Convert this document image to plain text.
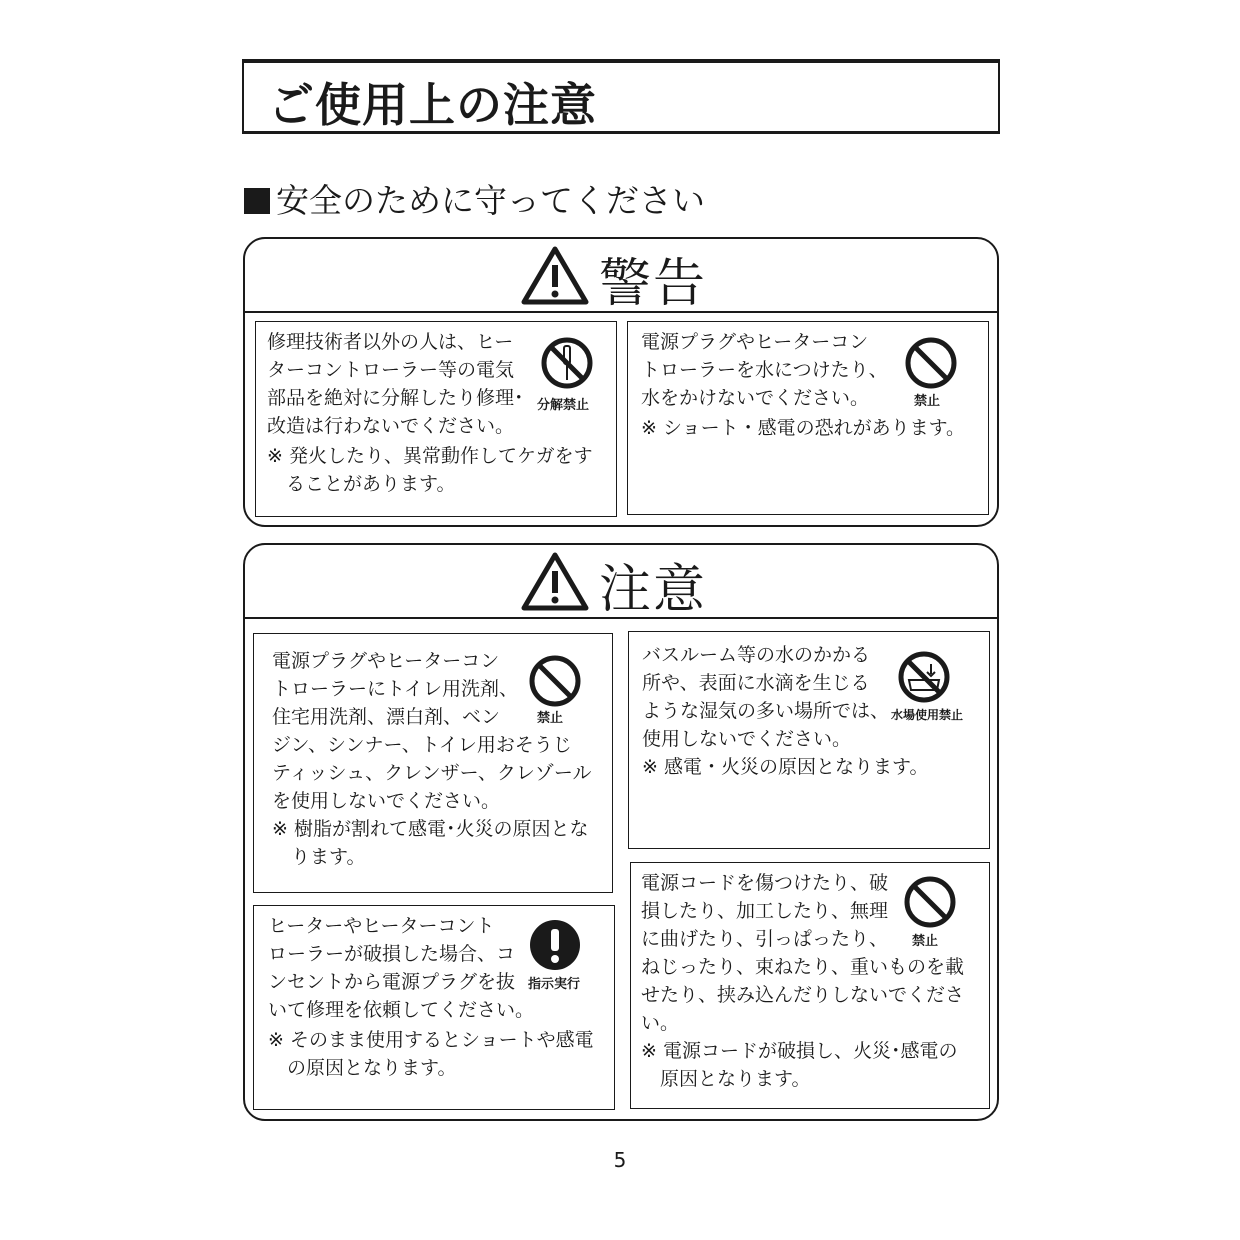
ご使用上の注意
安全のために守ってください
警告
修理技術者以外の人は、ヒー
ターコントローラー等の電気
部品を絶対に分解したり修理･
改造は行わないでください。
※ 発火したり、異常動作してケガをす
　ることがあります。
分解禁止
電源プラグやヒーターコン
トローラーを水につけたり、
水をかけないでください。
※ ショート・感電の恐れがあります。
禁止
注意
電源プラグやヒーターコン
トローラーにトイレ用洗剤、
住宅用洗剤、漂白剤、ベン
ジン、シンナー、トイレ用おそうじ
ティッシュ、クレンザー、クレゾール
を使用しないでください。
※ 樹脂が割れて感電･火災の原因とな
　ります。
禁止
バスルーム等の水のかかる
所や、表面に水滴を生じる
ような湿気の多い場所では、
使用しないでください。
※ 感電・火災の原因となります。
水場使用禁止
ヒーターやヒーターコント
ローラーが破損した場合、コ
ンセントから電源プラグを抜
いて修理を依頼してください。
※ そのまま使用するとショートや感電
　の原因となります。
指示実行
電源コードを傷つけたり、破
損したり、加工したり、無理
に曲げたり、引っぱったり、
ねじったり、束ねたり、重いものを載
せたり、挟み込んだりしないでくださ
い。
※ 電源コードが破損し、火災･感電の
　原因となります。
禁止
5
